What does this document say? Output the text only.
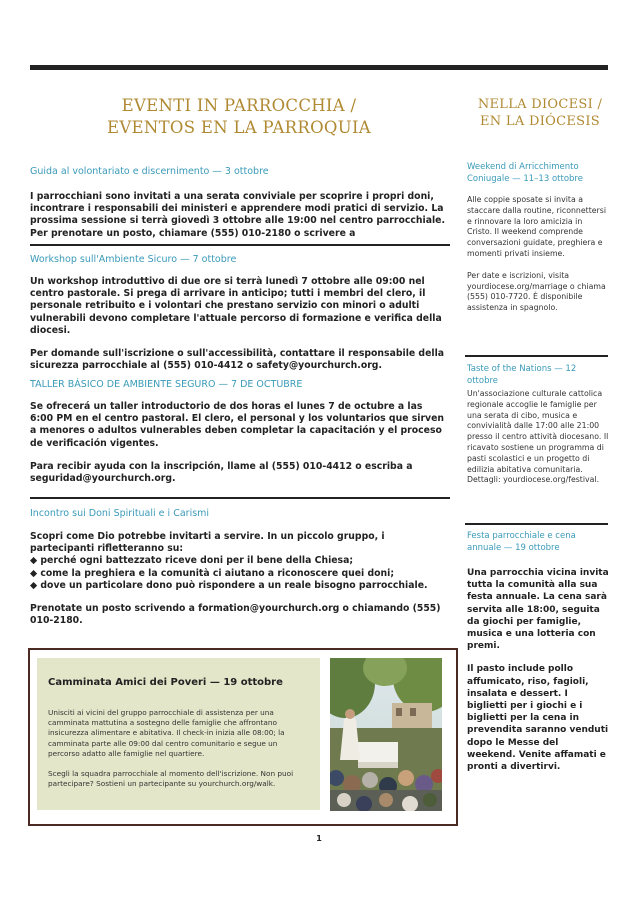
EVENTI IN PARROCCHIA /
EVENTOS EN LA PARROQUIA
NELLA DIOCESI /
EN LA DIÓCESIS
Guida al volontariato e discernimento — 3 ottobre

I parrocchiani sono invitati a una serata conviviale per scoprire i propri doni, incontrare i responsabili dei ministeri e apprendere modi pratici di servizio. La prossima sessione si terrà giovedì 3 ottobre alle 19:00 nel centro parrocchiale. Per prenotare un posto, chiamare (555) 010-2180 o scrivere a

Workshop sull'Ambiente Sicuro — 7 ottobre

Un workshop introduttivo di due ore si terrà lunedì 7 ottobre alle 09:00 nel centro pastorale. Si prega di arrivare in anticipo; tutti i membri del clero, il personale retribuito e i volontari che prestano servizio con minori o adulti vulnerabili devono completare l'attuale percorso di formazione e verifica della diocesi.

Per domande sull'iscrizione o sull'accessibilità, contattare il responsabile della sicurezza parrocchiale al (555) 010-4412 o safety@yourchurch.org.

TALLER BÁSICO DE AMBIENTE SEGURO — 7 DE OCTUBRE

Se ofrecerá un taller introductorio de dos horas el lunes 7 de octubre a las 6:00 PM en el centro pastoral. El clero, el personal y los voluntarios que sirven a menores o adultos vulnerables deben completar la capacitación y el proceso de verificación vigentes.

Para recibir ayuda con la inscripción, llame al (555) 010-4412 o escriba a seguridad@yourchurch.org.

Incontro sui Doni Spirituali e i Carismi

Scopri come Dio potrebbe invitarti a servire. In un piccolo gruppo, i partecipanti rifletteranno su:

◆ perché ogni battezzato riceve doni per il bene della Chiesa;

◆ come la preghiera e la comunità ci aiutano a riconoscere quei doni;

◆ dove un particolare dono può rispondere a un reale bisogno parrocchiale.

Prenotate un posto scrivendo a formation@yourchurch.org o chiamando (555) 010-2180.

Camminata Amici dei Poveri — 19 ottobre

Unisciti ai vicini del gruppo parrocchiale di assistenza per una camminata mattutina a sostegno delle famiglie che affrontano insicurezza alimentare e abitativa. Il check-in inizia alle 08:00; la camminata parte alle 09:00 dal centro comunitario e segue un percorso adatto alle famiglie nel quartiere.

Scegli la squadra parrocchiale al momento dell'iscrizione. Non puoi partecipare? Sostieni un partecipante su yourchurch.org/walk.

Weekend di Arricchimento Coniugale — 11–13 ottobre

Alle coppie sposate si invita a staccare dalla routine, riconnettersi e rinnovare la loro amicizia in Cristo. Il weekend comprende conversazioni guidate, preghiera e momenti privati insieme.

Per date e iscrizioni, visita yourdiocese.org/marriage o chiama (555) 010-7720. È disponibile assistenza in spagnolo.

Taste of the Nations — 12 ottobre

Un'associazione culturale cattolica regionale accoglie le famiglie per una serata di cibo, musica e convivialità dalle 17:00 alle 21:00 presso il centro attività diocesano. Il ricavato sostiene un programma di pasti scolastici e un progetto di edilizia abitativa comunitaria. Dettagli: yourdiocese.org/festival.

Festa parrocchiale e cena annuale — 19 ottobre

Una parrocchia vicina invita tutta la comunità alla sua festa annuale. La cena sarà servita alle 18:00, seguita da giochi per famiglie, musica e una lotteria con premi.

Il pasto include pollo affumicato, riso, fagioli, insalata e dessert. I biglietti per i giochi e i biglietti per la cena in prevendita saranno venduti dopo le Messe del weekend. Venite affamati e pronti a divertirvi.

1
